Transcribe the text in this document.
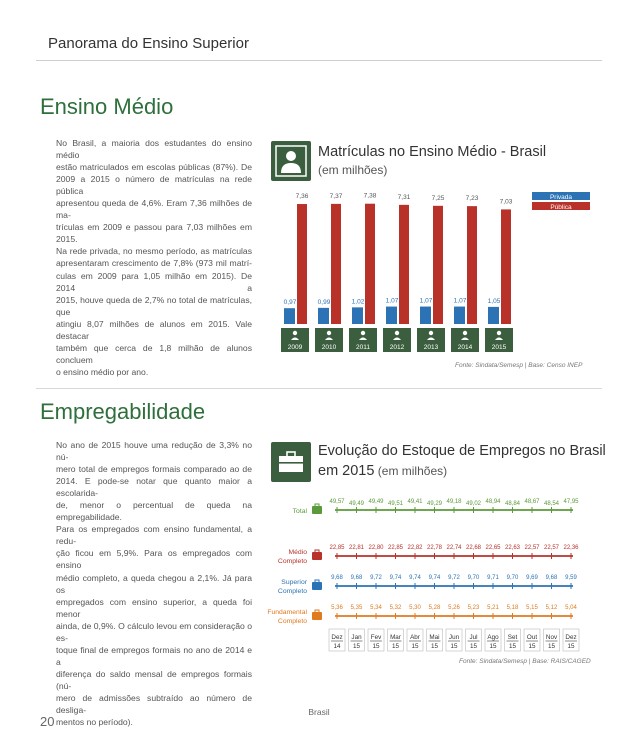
Panorama do Ensino Superior
Ensino Médio
No Brasil, a maioria dos estudantes do ensino médio
estão matriculados em escolas públicas (87%). De
2009 a 2015 o número de matrículas na rede pública
apresentou queda de 4,6%. Eram 7,36 milhões de ma-
trículas em 2009 e passou para 7,03 milhões em 2015.
Na rede privada, no mesmo período, as matrículas
apresentaram crescimento de 7,8% (973 mil matrí-
culas em 2009 para 1,05 milhão em 2015). De 2014 a
2015, houve queda de 2,7% no total de matrículas, que
atingiu 8,07 milhões de alunos em 2015. Vale destacar
também que cerca de 1,8 milhão de alunos concluem
o ensino médio por ano.
Matrículas no Ensino Médio - Brasil
(em milhões)
Privada
Pública
7,36
0,97
2009
7,37
0,99
2010
7,38
1,02
2011
7,31
1,07
2012
7,25
1,07
2013
7,23
1,07
2014
7,03
1,05
2015
Fonte: Sindata/Semesp | Base: Censo INEP
Empregabilidade
No ano de 2015 houve uma redução de 3,3% no nú-
mero total de empregos formais comparado ao de
2014. E pode-se notar que quanto maior a escolarida-
de, menor o percentual de queda na empregabilidade.
Para os empregados com ensino fundamental, a redu-
ção ficou em 5,9%. Para os empregados com ensino
médio completo, a queda chegou a 2,1%. Já para os
empregados com ensino superior, a queda foi menor
ainda, de 0,9%. O cálculo levou em consideração o es-
toque final de empregos formais no ano de 2014 e a
diferença do saldo mensal de empregos formais (nú-
mero de admissões subtraído ao número de desliga-
mentos no período).
Evolução do Estoque de Empregos no Brasil
em 2015 (em milhões)
Total
49,57 49,49 49,49 49,51 49,41 49,29 49,18 49,02 48,94 48,84 48,67 48,54 47,95
Médio
Completo
22,85 22,81 22,80 22,85 22,82 22,78 22,74 22,68 22,65 22,63 22,57 22,57 22,36
Superior
Completo
9,68 9,68 9,72 9,74 9,74 9,74 9,72 9,70 9,71 9,70 9,69 9,68 9,59
Fundamental
Completo
5,36 5,35 5,34 5,32 5,30 5,28 5,26 5,23 5,21 5,18 5,15 5,12 5,04
Dez
14
Jan
15
Fev
15
Mar
15
Abr
15
Mai
15
Jun
15
Jul
15
Ago
15
Set
15
Out
15
Nov
15
Dez
15
Fonte: Sindata/Semesp | Base: RAIS/CAGED
20
Brasil
